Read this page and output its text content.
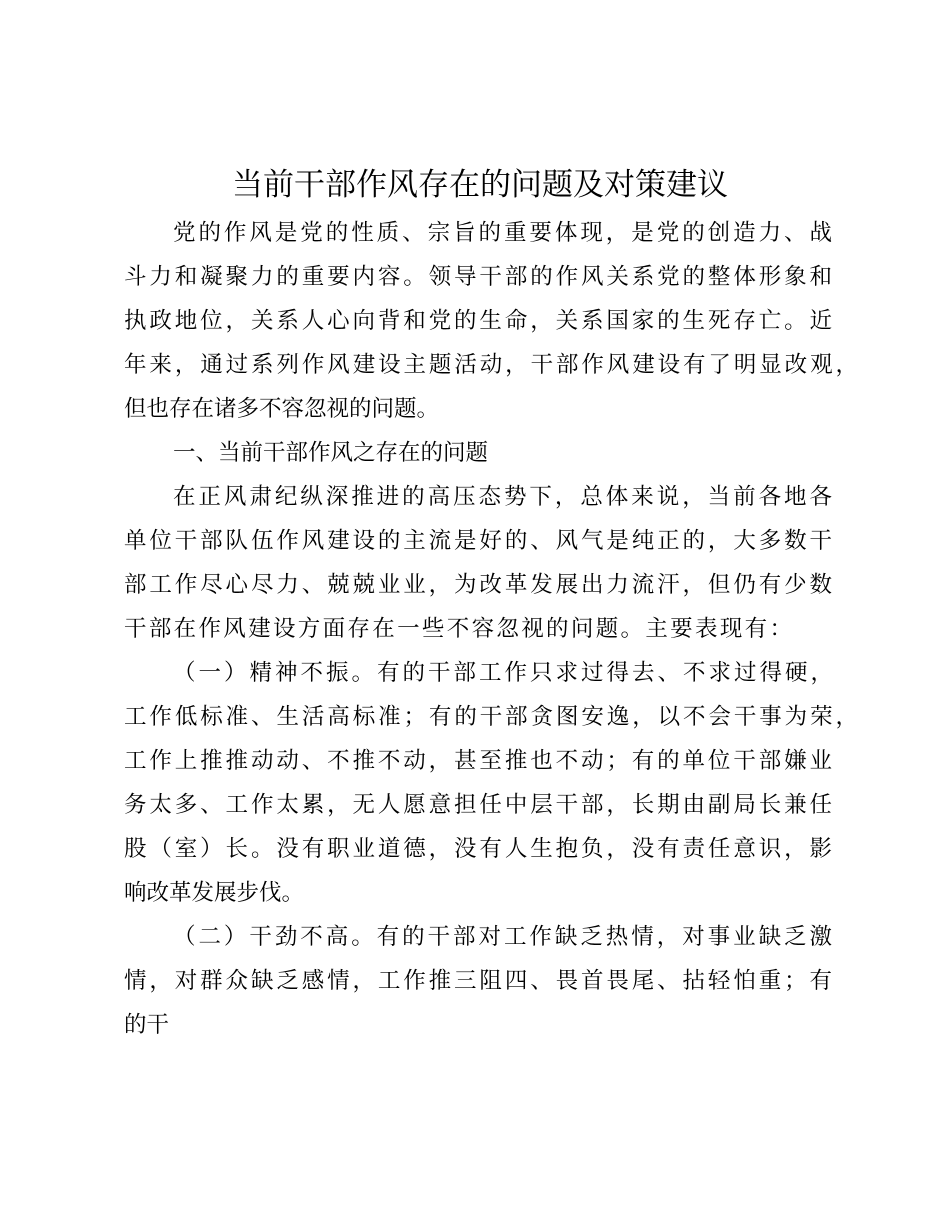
当前干部作风存在的问题及对策建议
党的作风是党的性质、宗旨的重要体现，是党的创造力、战
斗力和凝聚力的重要内容。领导干部的作风关系党的整体形象和
执政地位，关系人心向背和党的生命，关系国家的生死存亡。近
年来，通过系列作风建设主题活动，干部作风建设有了明显改观，
但也存在诸多不容忽视的问题。
一、当前干部作风之存在的问题
在正风肃纪纵深推进的高压态势下，总体来说，当前各地各
单位干部队伍作风建设的主流是好的、风气是纯正的，大多数干
部工作尽心尽力、兢兢业业，为改革发展出力流汗，但仍有少数
干部在作风建设方面存在一些不容忽视的问题。主要表现有：
（一）精神不振。有的干部工作只求过得去、不求过得硬，
工作低标准、生活高标准；有的干部贪图安逸，以不会干事为荣，
工作上推推动动、不推不动，甚至推也不动；有的单位干部嫌业
务太多、工作太累，无人愿意担任中层干部，长期由副局长兼任
股（室）长。没有职业道德，没有人生抱负，没有责任意识，影
响改革发展步伐。
（二）干劲不高。有的干部对工作缺乏热情，对事业缺乏激
情，对群众缺乏感情，工作推三阻四、畏首畏尾、拈轻怕重；有
的干
